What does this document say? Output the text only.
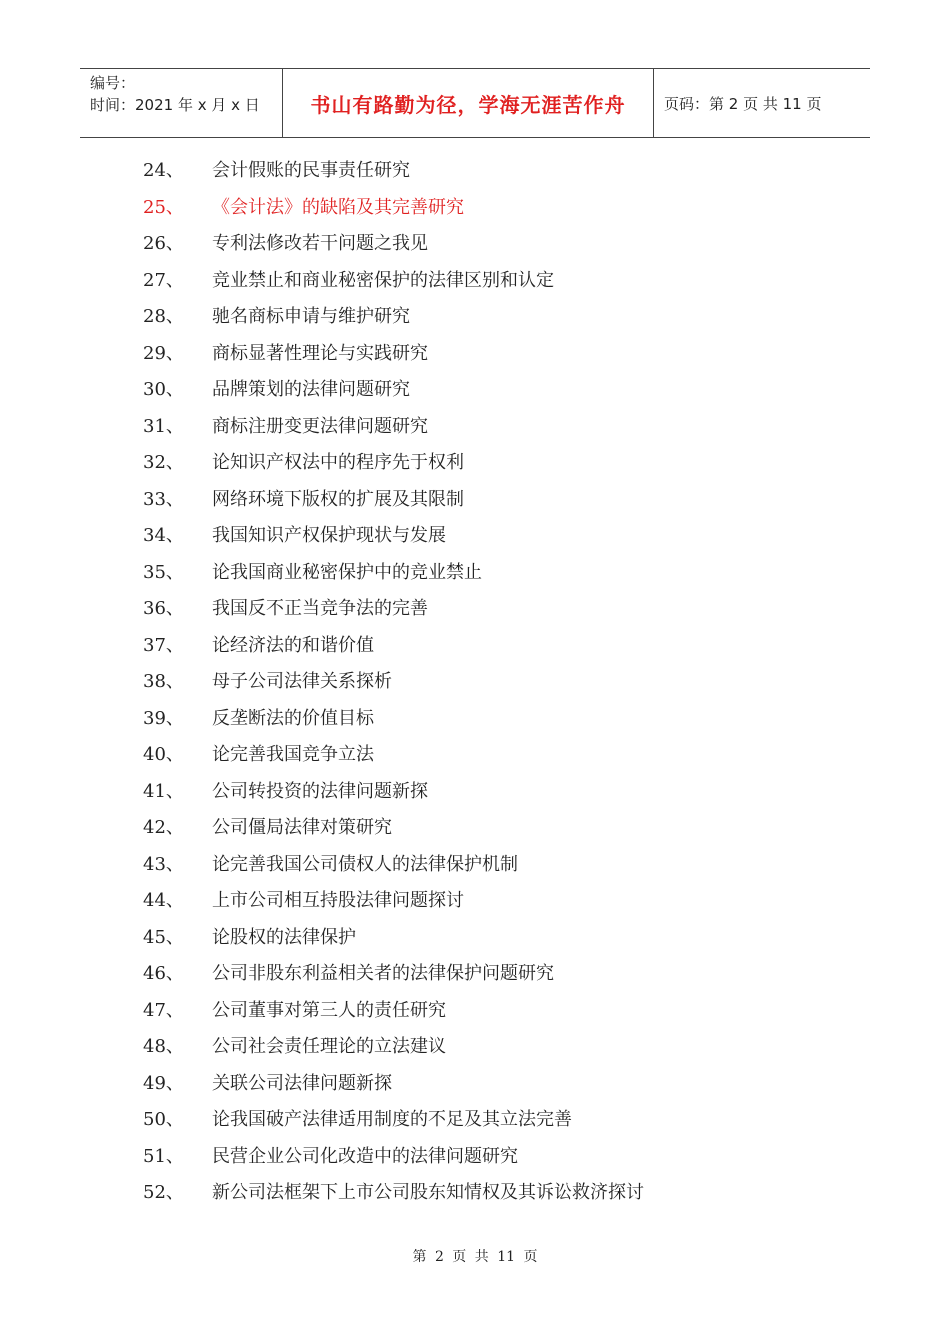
编号：
时间：2021 年 x 月 x 日	书山有路勤为径，学海无涯苦作舟	页码：第 2 页 共 11 页
24、 会计假账的民事责任研究
25、 《会计法》的缺陷及其完善研究
26、 专利法修改若干问题之我见
27、 竞业禁止和商业秘密保护的法律区别和认定
28、 驰名商标申请与维护研究
29、 商标显著性理论与实践研究
30、 品牌策划的法律问题研究
31、 商标注册变更法律问题研究
32、 论知识产权法中的程序先于权利
33、 网络环境下版权的扩展及其限制
34、 我国知识产权保护现状与发展
35、 论我国商业秘密保护中的竞业禁止
36、 我国反不正当竞争法的完善
37、 论经济法的和谐价值
38、 母子公司法律关系探析
39、 反垄断法的价值目标
40、 论完善我国竞争立法
41、 公司转投资的法律问题新探
42、 公司僵局法律对策研究
43、 论完善我国公司债权人的法律保护机制
44、 上市公司相互持股法律问题探讨
45、 论股权的法律保护
46、 公司非股东利益相关者的法律保护问题研究
47、 公司董事对第三人的责任研究
48、 公司社会责任理论的立法建议
49、 关联公司法律问题新探
50、 论我国破产法律适用制度的不足及其立法完善
51、 民营企业公司化改造中的法律问题研究
52、 新公司法框架下上市公司股东知情权及其诉讼救济探讨
第 2 页 共 11 页
